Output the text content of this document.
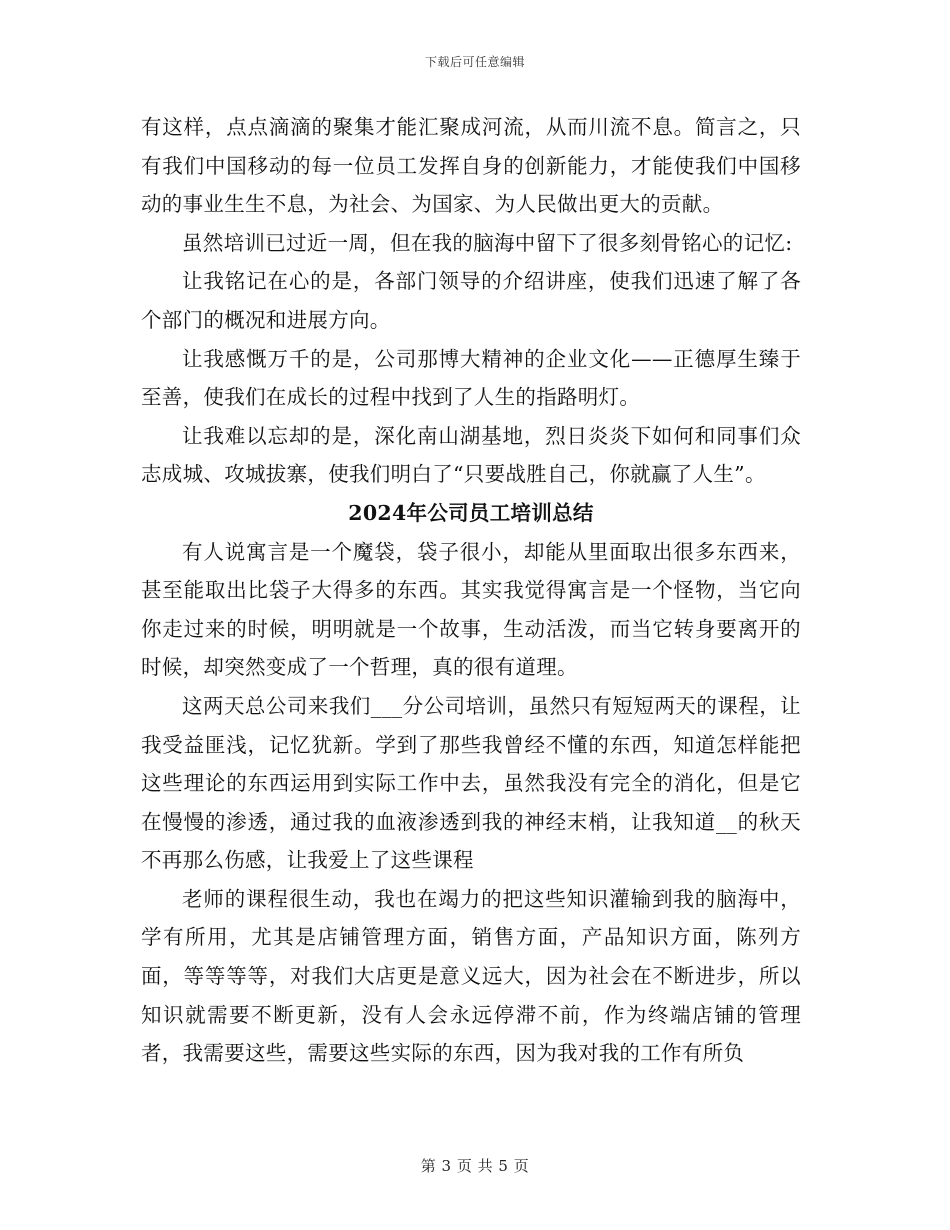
下载后可任意编辑

有这样，点点滴滴的聚集才能汇聚成河流，从而川流不息。简言之，只有我们中国移动的每一位员工发挥自身的创新能力，才能使我们中国移动的事业生生不息，为社会、为国家、为人民做出更大的贡献。

虽然培训已过近一周，但在我的脑海中留下了很多刻骨铭心的记忆:

让我铭记在心的是，各部门领导的介绍讲座，使我们迅速了解了各个部门的概况和进展方向。

让我感慨万千的是，公司那博大精神的企业文化——正德厚生臻于至善，使我们在成长的过程中找到了人生的指路明灯。

让我难以忘却的是，深化南山湖基地，烈日炎炎下如何和同事们众志成城、攻城拔寨，使我们明白了“只要战胜自己，你就赢了人生”。

2024年公司员工培训总结

有人说寓言是一个魔袋，袋子很小，却能从里面取出很多东西来，甚至能取出比袋子大得多的东西。其实我觉得寓言是一个怪物，当它向你走过来的时候，明明就是一个故事，生动活泼，而当它转身要离开的时候，却突然变成了一个哲理，真的很有道理。

这两天总公司来我们___分公司培训，虽然只有短短两天的课程，让我受益匪浅，记忆犹新。学到了那些我曾经不懂的东西，知道怎样能把这些理论的东西运用到实际工作中去，虽然我没有完全的消化，但是它在慢慢的渗透，通过我的血液渗透到我的神经末梢，让我知道__的秋天不再那么伤感，让我爱上了这些课程

老师的课程很生动，我也在竭力的把这些知识灌输到我的脑海中，学有所用，尤其是店铺管理方面，销售方面，产品知识方面，陈列方面，等等等等，对我们大店更是意义远大，因为社会在不断进步，所以知识就需要不断更新，没有人会永远停滞不前，作为终端店铺的管理者，我需要这些，需要这些实际的东西，因为我对我的工作有所负

第 3 页 共 5 页
